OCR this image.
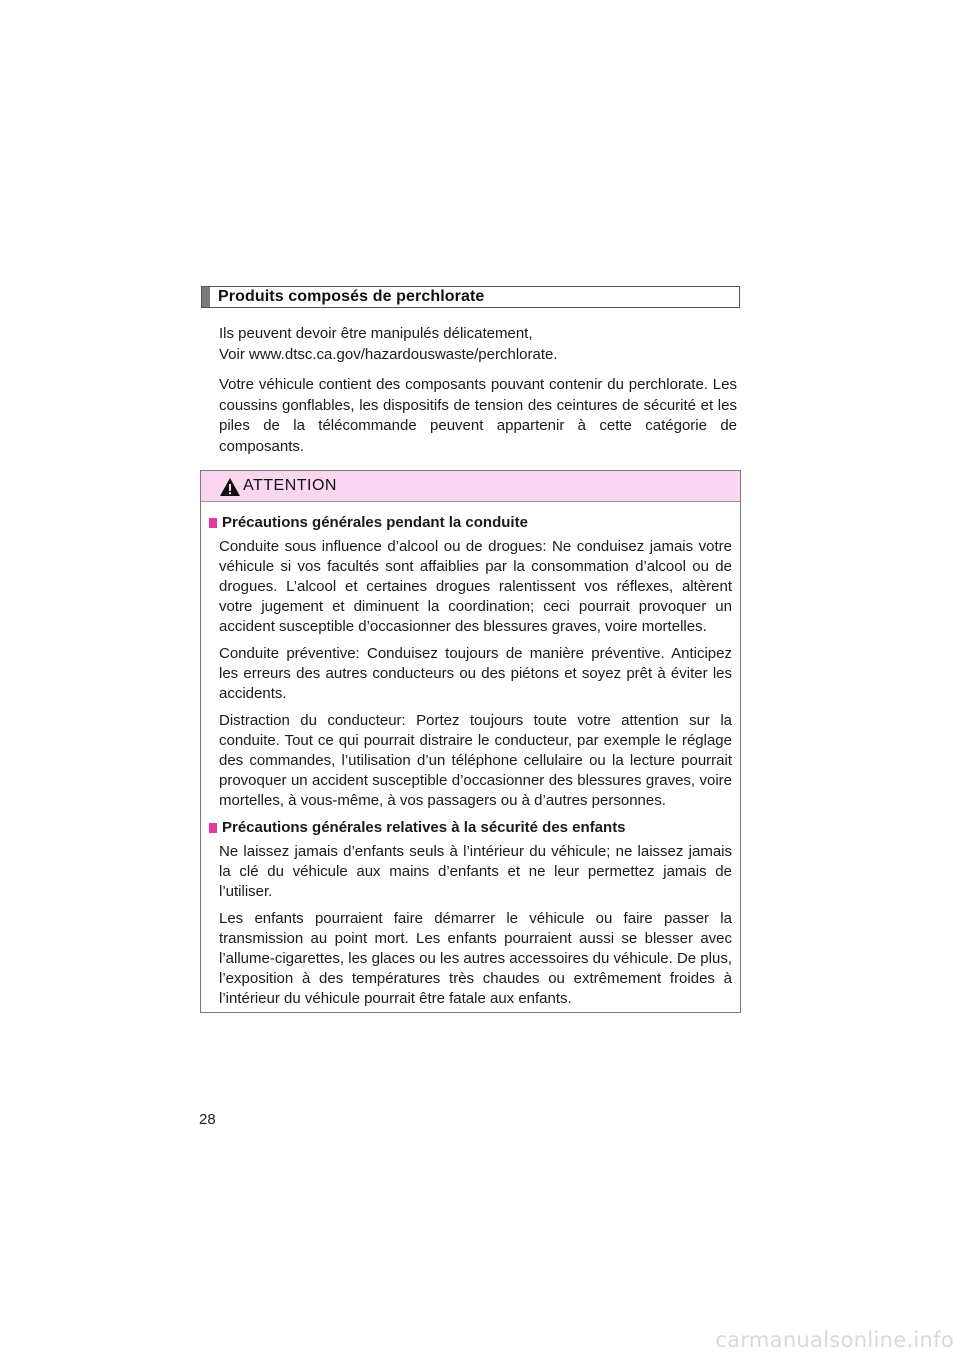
Produits composés de perchlorate

Ils peuvent devoir être manipulés délicatement,
Voir www.dtsc.ca.gov/hazardouswaste/perchlorate.

Votre véhicule contient des composants pouvant contenir du perchlorate. Les coussins gonflables, les dispositifs de tension des ceintures de sécurité et les piles de la télécommande peuvent appartenir à cette catégorie de composants.

ATTENTION
Précautions générales pendant la conduite

Conduite sous influence d’alcool ou de drogues: Ne conduisez jamais votre véhicule si vos facultés sont affaiblies par la consommation d’alcool ou de drogues. L’alcool et certaines drogues ralentissent vos réflexes, altèrent votre jugement et diminuent la coordination; ceci pourrait provoquer un accident susceptible d’occasionner des blessures graves, voire mortelles.

Conduite préventive: Conduisez toujours de manière préventive. Anticipez les erreurs des autres conducteurs ou des piétons et soyez prêt à éviter les accidents.

Distraction du conducteur: Portez toujours toute votre attention sur la conduite. Tout ce qui pourrait distraire le conducteur, par exemple le réglage des commandes, l’utilisation d’un téléphone cellulaire ou la lecture pourrait provoquer un accident susceptible d’occasionner des blessures graves, voire mortelles, à vous-même, à vos passagers ou à d’autres personnes.

Précautions générales relatives à la sécurité des enfants

Ne laissez jamais d’enfants seuls à l’intérieur du véhicule; ne laissez jamais la clé du véhicule aux mains d’enfants et ne leur permettez jamais de l’utiliser.

Les enfants pourraient faire démarrer le véhicule ou faire passer la transmission au point mort. Les enfants pourraient aussi se blesser avec l’allume-cigarettes, les glaces ou les autres accessoires du véhicule. De plus, l’exposition à des températures très chaudes ou extrêmement froides à l’intérieur du véhicule pourrait être fatale aux enfants.

28
carmanualsonline.info
